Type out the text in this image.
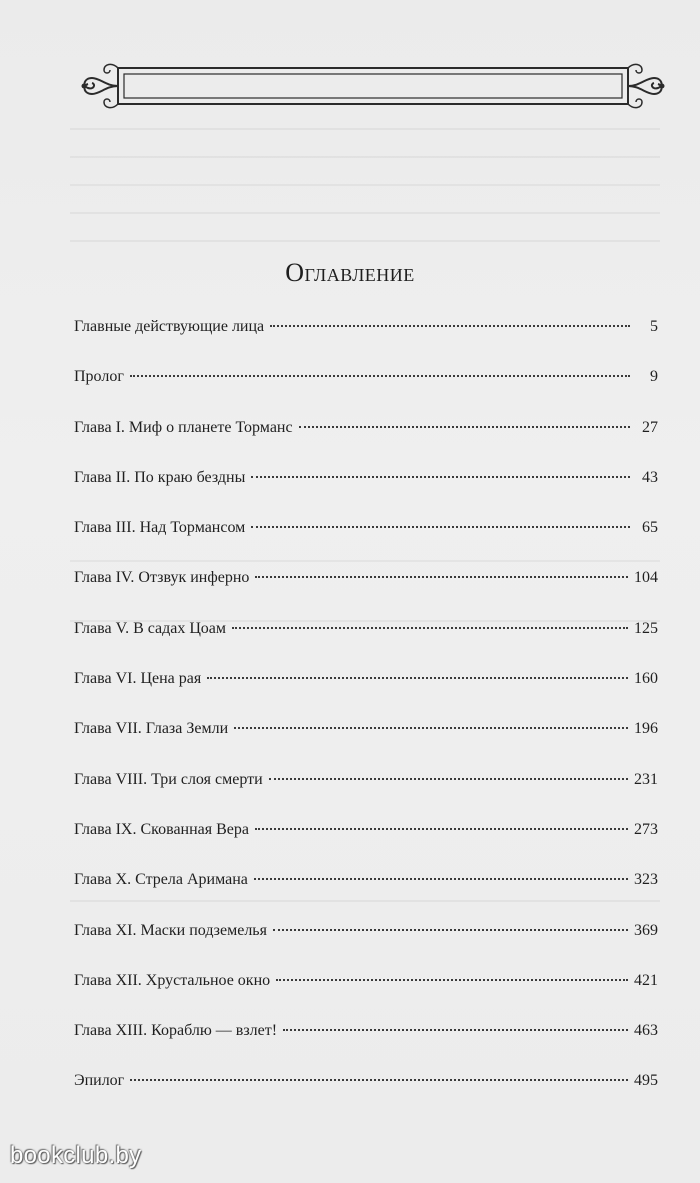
Оглавление
Главные действующие лица	5
Пролог	9
Глава I. Миф о планете Торманс	27
Глава II. По краю бездны	43
Глава III. Над Тормансом	65
Глава IV. Отзвук инферно	104
Глава V. В садах Цоам	125
Глава VI. Цена рая	160
Глава VII. Глаза Земли	196
Глава VIII. Три слоя смерти	231
Глава IX. Скованная Вера	273
Глава X. Стрела Аримана	323
Глава XI. Маски подземелья	369
Глава XII. Хрустальное окно	421
Глава XIII. Кораблю — взлет!	463
Эпилог	495
bookclub.by
